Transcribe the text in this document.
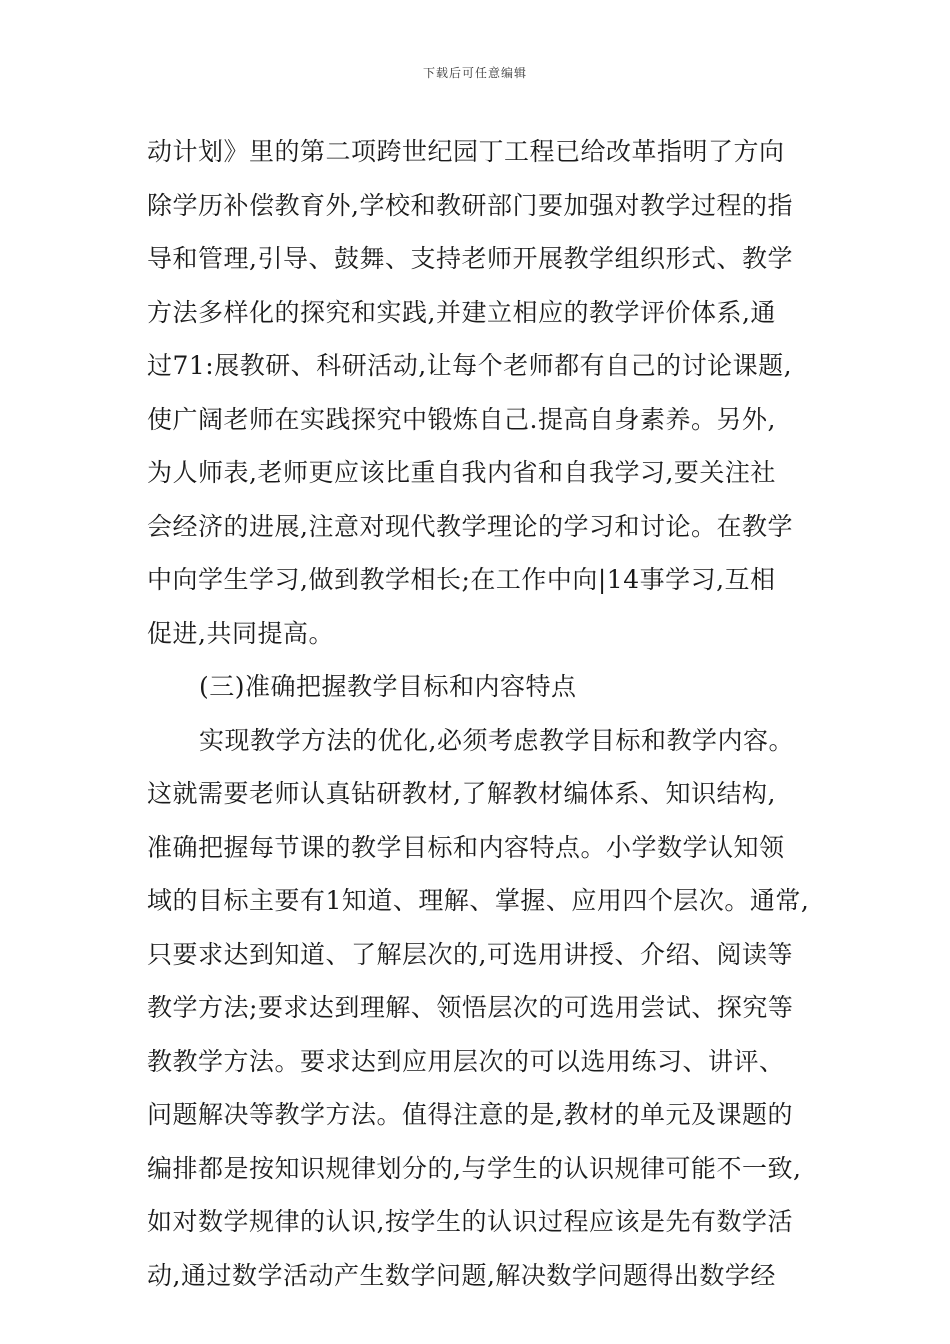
下载后可任意编辑
动计划》里的第二项跨世纪园丁工程已给改革指明了方向
除学历补偿教育外,学校和教研部门要加强对教学过程的指
导和管理,引导、鼓舞、支持老师开展教学组织形式、教学
方法多样化的探究和实践,并建立相应的教学评价体系,通
过71:展教研、科研活动,让每个老师都有自己的讨论课题,
使广阔老师在实践探究中锻炼自己.提高自身素养。另外,
为人师表,老师更应该比重自我内省和自我学习,要关注社
会经济的进展,注意对现代教学理论的学习和讨论。在教学
中向学生学习,做到教学相长;在工作中向|14事学习,互相
促进,共同提高。
(三)准确把握教学目标和内容特点
实现教学方法的优化,必须考虑教学目标和教学内容。
这就需要老师认真钻研教材,了解教材编体系、知识结构,
准确把握每节课的教学目标和内容特点。小学数学认知领
域的目标主要有1知道、理解、掌握、应用四个层次。通常,
只要求达到知道、了解层次的,可选用讲授、介绍、阅读等
教学方法;要求达到理解、领悟层次的可选用尝试、探究等
教教学方法。要求达到应用层次的可以选用练习、讲评、
问题解决等教学方法。值得注意的是,教材的单元及课题的
编排都是按知识规律划分的,与学生的认识规律可能不一致,
如对数学规律的认识,按学生的认识过程应该是先有数学活
动,通过数学活动产生数学问题,解决数学问题得出数学经
